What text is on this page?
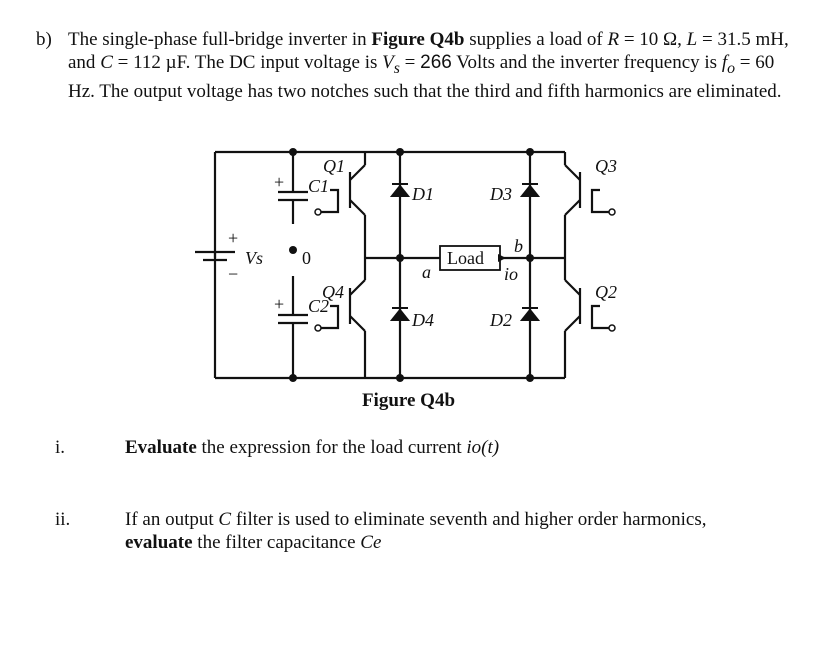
b) The single-phase full-bridge inverter in Figure Q4b supplies a load of R = 10 Ω, L = 31.5 mH, and C = 112 µF. The DC input voltage is $V_s = 266$ Volts and the inverter frequency is $f_o = 60$ Hz. The output voltage has two notches such that the third and fifth harmonics are eliminated.
Q1
Q4
Q3
Q2
C1
C2
D1
D4
D3
D2
Vs 0
a
b
io
Load
+
−
+
+
Figure Q4b
i.	Evaluate the expression for the load current io(t)
ii.	If an output C filter is used to eliminate seventh and higher order harmonics, evaluate the filter capacitance Ce
